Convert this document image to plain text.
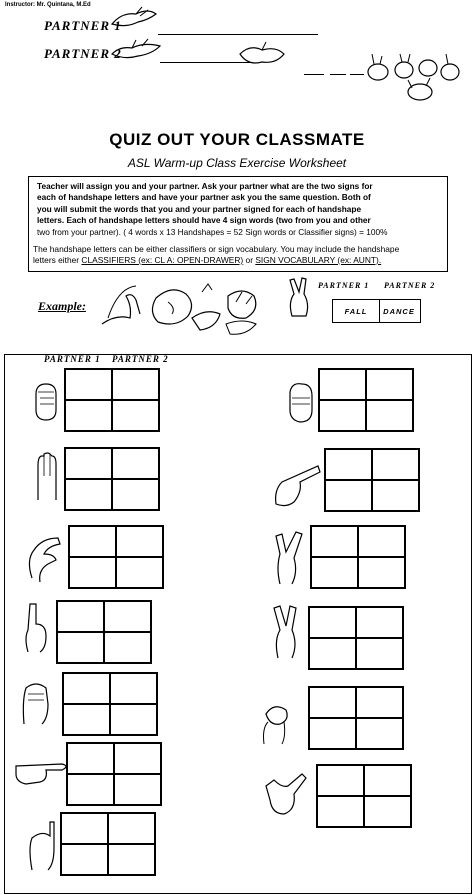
Instructor: Mr. Quintana, M.Ed
PARTNER 1
PARTNER 2
QUIZ OUT YOUR CLASSMATE
ASL Warm-up Class Exercise Worksheet

Teacher will assign you and your partner. Ask your partner what are the two signs for

each of handshape letters and have your partner ask you the same question. Both of

you will submit the words that you and your partner signed for each of handshape

letters. Each of handshape letters should have 4 sign words (two from you and other

two from your partner). ( 4 words x 13 Handshapes = 52 Sign words or Classifier signs) = 100%

The handshape letters can be either classifiers or sign vocabulary. You may include the handshape

letters either CLASSIFIERS (ex: CL A: OPEN-DRAWER) or SIGN VOCABULARY (ex: AUNT).

Example:
PARTNER 1 PARTNER 2
FALL	DANCE
PARTNER 1 PARTNER 2
